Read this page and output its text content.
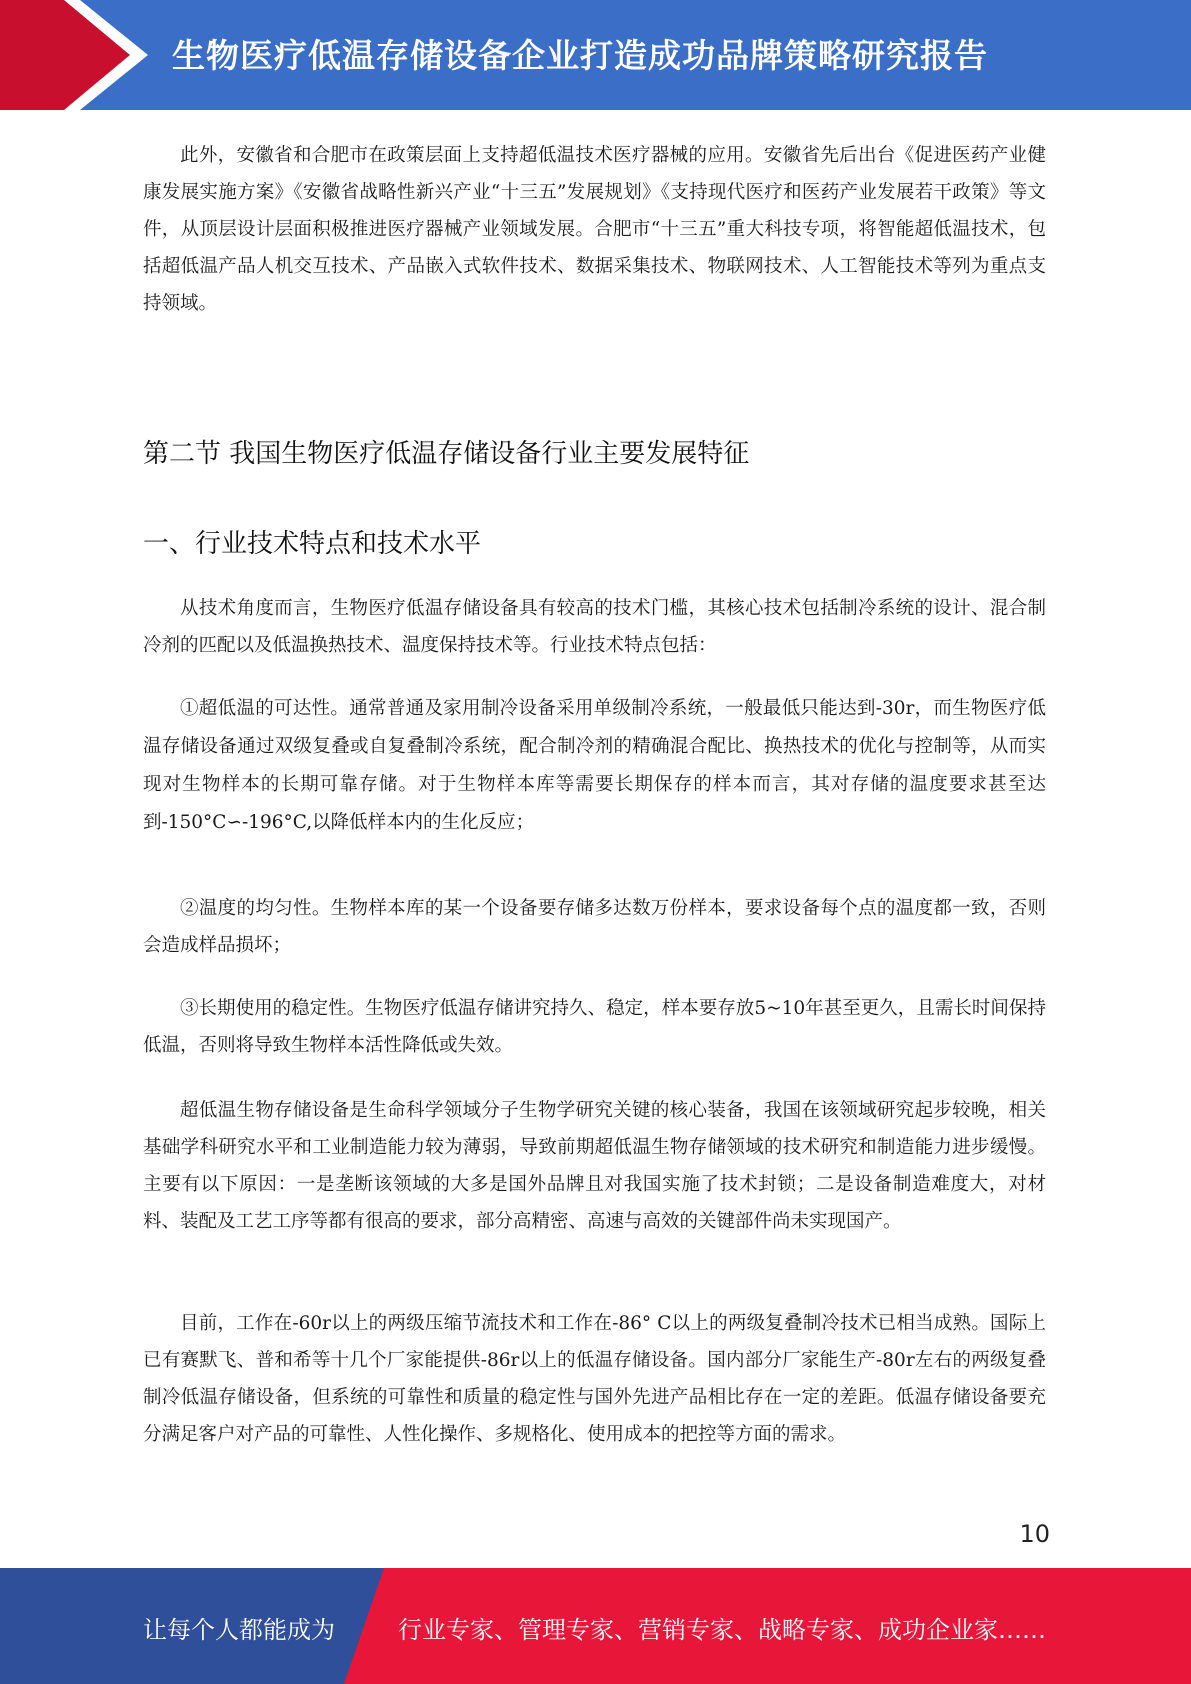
生物医疗低温存储设备企业打造成功品牌策略研究报告

此外，安徽省和合肥市在政策层面上支持超低温技术医疗器械的应用。安徽省先后出台《促进医药产业健康发展实施方案》《安徽省战略性新兴产业“十三五”发展规划》《支持现代医疗和医药产业发展若干政策》等文件，从顶层设计层面积极推进医疗器械产业领域发展。合肥市“十三五”重大科技专项，将智能超低温技术，包括超低温产品人机交互技术、产品嵌入式软件技术、数据采集技术、物联网技术、人工智能技术等列为重点支持领域。

第二节 我国生物医疗低温存储设备行业主要发展特征
一、行业技术特点和技术水平

从技术角度而言，生物医疗低温存储设备具有较高的技术门槛，其核心技术包括制冷系统的设计、混合制冷剂的匹配以及低温换热技术、温度保持技术等。行业技术特点包括：

①超低温的可达性。通常普通及家用制冷设备采用单级制冷系统，一般最低只能达到-30r，而生物医疗低温存储设备通过双级复叠或自复叠制冷系统，配合制冷剂的精确混合配比、换热技术的优化与控制等，从而实现对生物样本的长期可靠存储。对于生物样本库等需要长期保存的样本而言，其对存储的温度要求甚至达到-150°C∽-196°C,以降低样本内的生化反应；

②温度的均匀性。生物样本库的某一个设备要存储多达数万份样本，要求设备每个点的温度都一致，否则会造成样品损坏；

③长期使用的稳定性。生物医疗低温存储讲究持久、稳定，样本要存放5~10年甚至更久，且需长时间保持低温，否则将导致生物样本活性降低或失效。

超低温生物存储设备是生命科学领域分子生物学研究关键的核心装备，我国在该领域研究起步较晚，相关基础学科研究水平和工业制造能力较为薄弱，导致前期超低温生物存储领域的技术研究和制造能力进步缓慢。主要有以下原因：一是垄断该领域的大多是国外品牌且对我国实施了技术封锁；二是设备制造难度大，对材料、装配及工艺工序等都有很高的要求，部分高精密、高速与高效的关键部件尚未实现国产。

目前，工作在-60r以上的两级压缩节流技术和工作在-86° C以上的两级复叠制冷技术已相当成熟。国际上已有赛默飞、普和希等十几个厂家能提供-86r以上的低温存储设备。国内部分厂家能生产-80r左右的两级复叠制冷低温存储设备，但系统的可靠性和质量的稳定性与国外先进产品相比存在一定的差距。低温存储设备要充分满足客户对产品的可靠性、人性化操作、多规格化、使用成本的把控等方面的需求。

10
让每个人都能成为	行业专家、管理专家、营销专家、战略专家、成功企业家……
